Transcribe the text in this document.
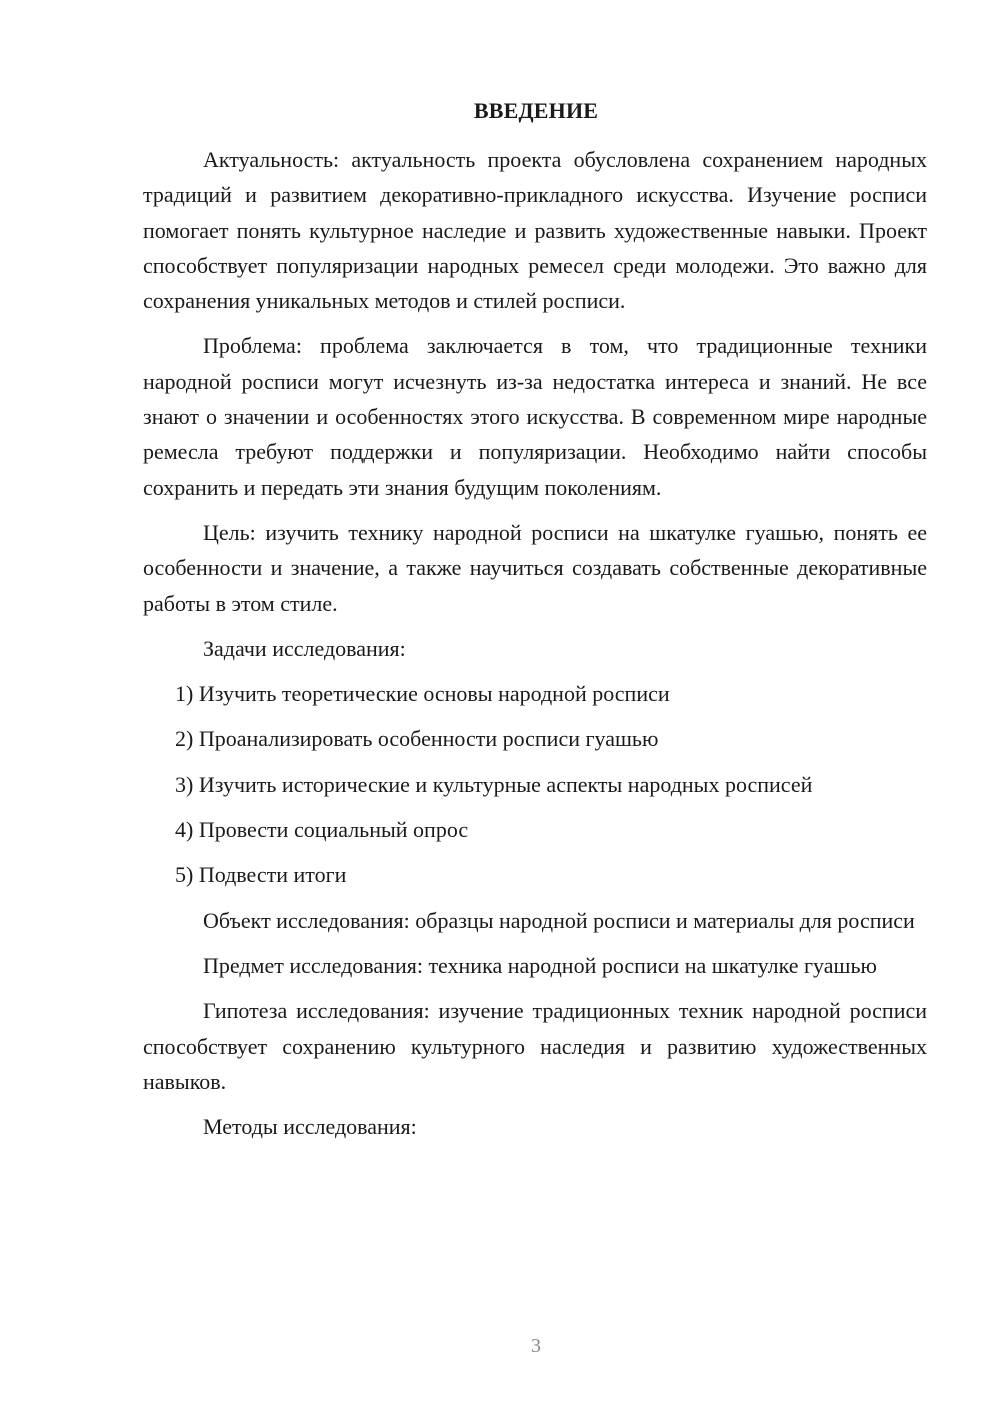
ВВЕДЕНИЕ

Актуальность: актуальность проекта обусловлена сохранением народных традиций и развитием декоративно-прикладного искусства. Изучение росписи помогает понять культурное наследие и развить художественные навыки. Проект способствует популяризации народных ремесел среди молодежи. Это важно для сохранения уникальных методов и стилей росписи.

Проблема: проблема заключается в том, что традиционные техники народной росписи могут исчезнуть из-за недостатка интереса и знаний. Не все знают о значении и особенностях этого искусства. В современном мире народные ремесла требуют поддержки и популяризации. Необходимо найти способы сохранить и передать эти знания будущим поколениям.

Цель: изучить технику народной росписи на шкатулке гуашью, понять ее особенности и значение, а также научиться создавать собственные декоративные работы в этом стиле.

Задачи исследования:

1) Изучить теоретические основы народной росписи

2) Проанализировать особенности росписи гуашью

3) Изучить исторические и культурные аспекты народных росписей

4) Провести социальный опрос

5) Подвести итоги

Объект исследования: образцы народной росписи и материалы для росписи

Предмет исследования: техника народной росписи на шкатулке гуашью

Гипотеза исследования: изучение традиционных техник народной росписи способствует сохранению культурного наследия и развитию художественных навыков.

Методы исследования:

3
